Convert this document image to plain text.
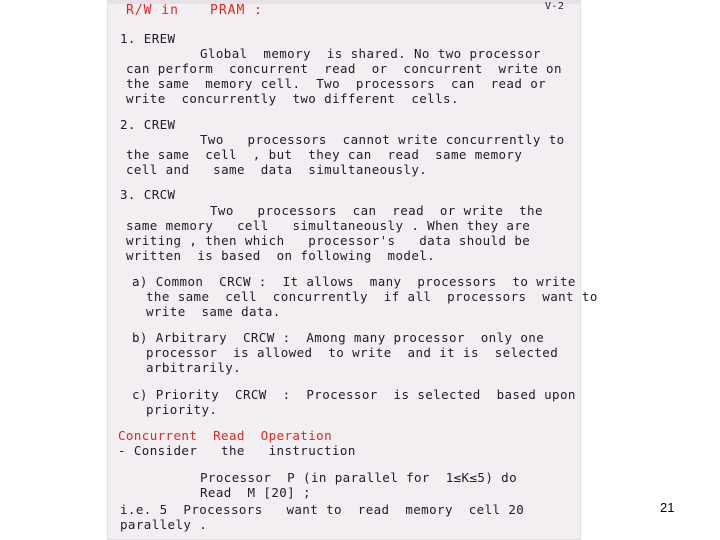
R/W in PRAM :	V-2
1. EREW
Global  memory  is shared. No two processor
can perform  concurrent  read  or  concurrent  write on
the same  memory cell.  Two  processors  can  read or
write  concurrently  two different  cells.
2. CREW
Two   processors  cannot write concurrently to
the same  cell  , but  they can  read  same memory
cell and   same  data  simultaneously.
3. CRCW
Two   processors  can  read  or write  the
same memory   cell   simultaneously . When they are
writing , then which   processor's   data should be
written  is based  on following  model.
a) Common  CRCW :  It allows  many  processors  to write
the same  cell  concurrently  if all  processors  want to
write  same data.
b) Arbitrary  CRCW :  Among many processor  only one
processor  is allowed  to write  and it is  selected
arbitrarily.
c) Priority  CRCW  :  Processor  is selected  based upon
priority.
Concurrent  Read  Operation
- Consider   the   instruction
Processor  P (in parallel for  1≤K≤5) do
Read  M [20] ;
i.e. 5  Processors   want to  read  memory  cell 20
parallely .
21
